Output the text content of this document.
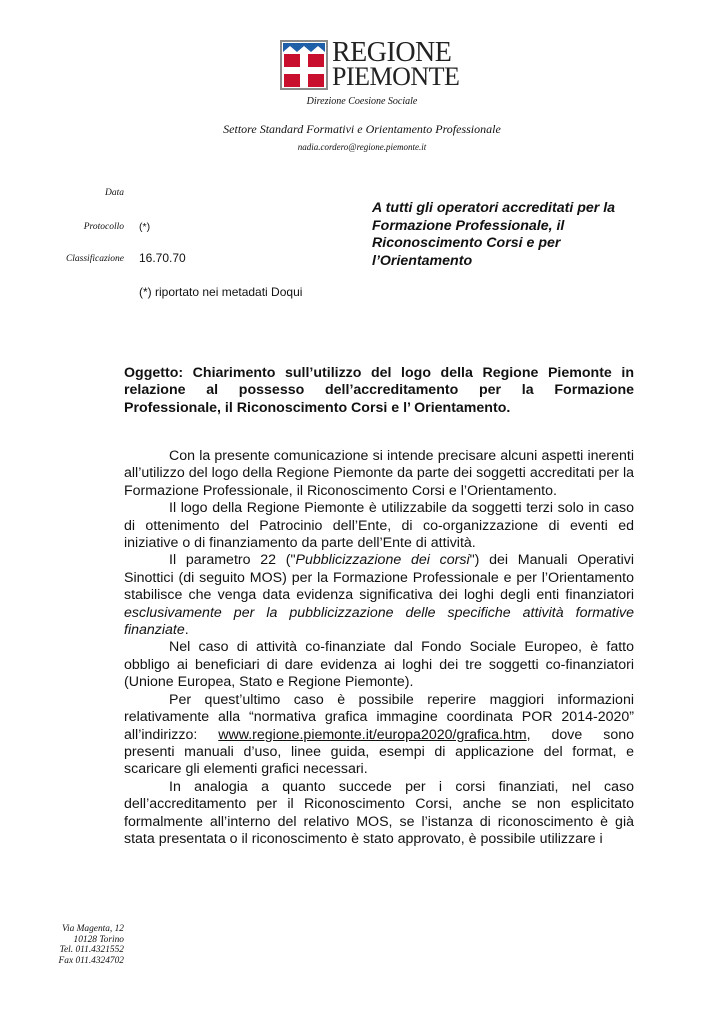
REGIONE
PIEMONTE
Direzione Coesione Sociale
Settore Standard Formativi e Orientamento Professionale
nadia.cordero@regione.piemonte.it
Data
Protocollo (*)
Classificazione 16.70.70
(*) riportato nei metadati Doqui
A tutti gli operatori accreditati per la Formazione Professionale, il Riconoscimento Corsi e per l’Orientamento
Oggetto: Chiarimento sull’utilizzo del logo della Regione Piemonte in relazione al possesso dell’accreditamento per la Formazione Professionale, il Riconoscimento Corsi e l’ Orientamento.

Con la presente comunicazione si intende precisare alcuni aspetti inerenti all’utilizzo del logo della Regione Piemonte da parte dei soggetti accreditati per la Formazione Professionale, il Riconoscimento Corsi e l’Orientamento.

Il logo della Regione Piemonte è utilizzabile da soggetti terzi solo in caso di ottenimento del Patrocinio dell’Ente, di co-organizzazione di eventi ed iniziative o di finanziamento da parte dell’Ente di attività.

Il parametro 22 ("Pubblicizzazione dei corsi") dei Manuali Operativi Sinottici (di seguito MOS) per la Formazione Professionale e per l’Orientamento stabilisce che venga data evidenza significativa dei loghi degli enti finanziatori esclusivamente per la pubblicizzazione delle specifiche attività formative finanziate.

Nel caso di attività co-finanziate dal Fondo Sociale Europeo, è fatto obbligo ai beneficiari di dare evidenza ai loghi dei tre soggetti co-finanziatori (Unione Europea, Stato e Regione Piemonte).

Per quest’ultimo caso è possibile reperire maggiori informazioni relativamente alla “normativa grafica immagine coordinata POR 2014-2020” all’indirizzo: www.regione.piemonte.it/europa2020/grafica.htm, dove sono presenti manuali d’uso, linee guida, esempi di applicazione del format, e scaricare gli elementi grafici necessari.

In analogia a quanto succede per i corsi finanziati, nel caso dell’accreditamento per il Riconoscimento Corsi, anche se non esplicitato formalmente all’interno del relativo MOS, se l’istanza di riconoscimento è già stata presentata o il riconoscimento è stato approvato, è possibile utilizzare i

Via Magenta, 12
10128 Torino
Tel. 011.4321552
Fax 011.4324702
